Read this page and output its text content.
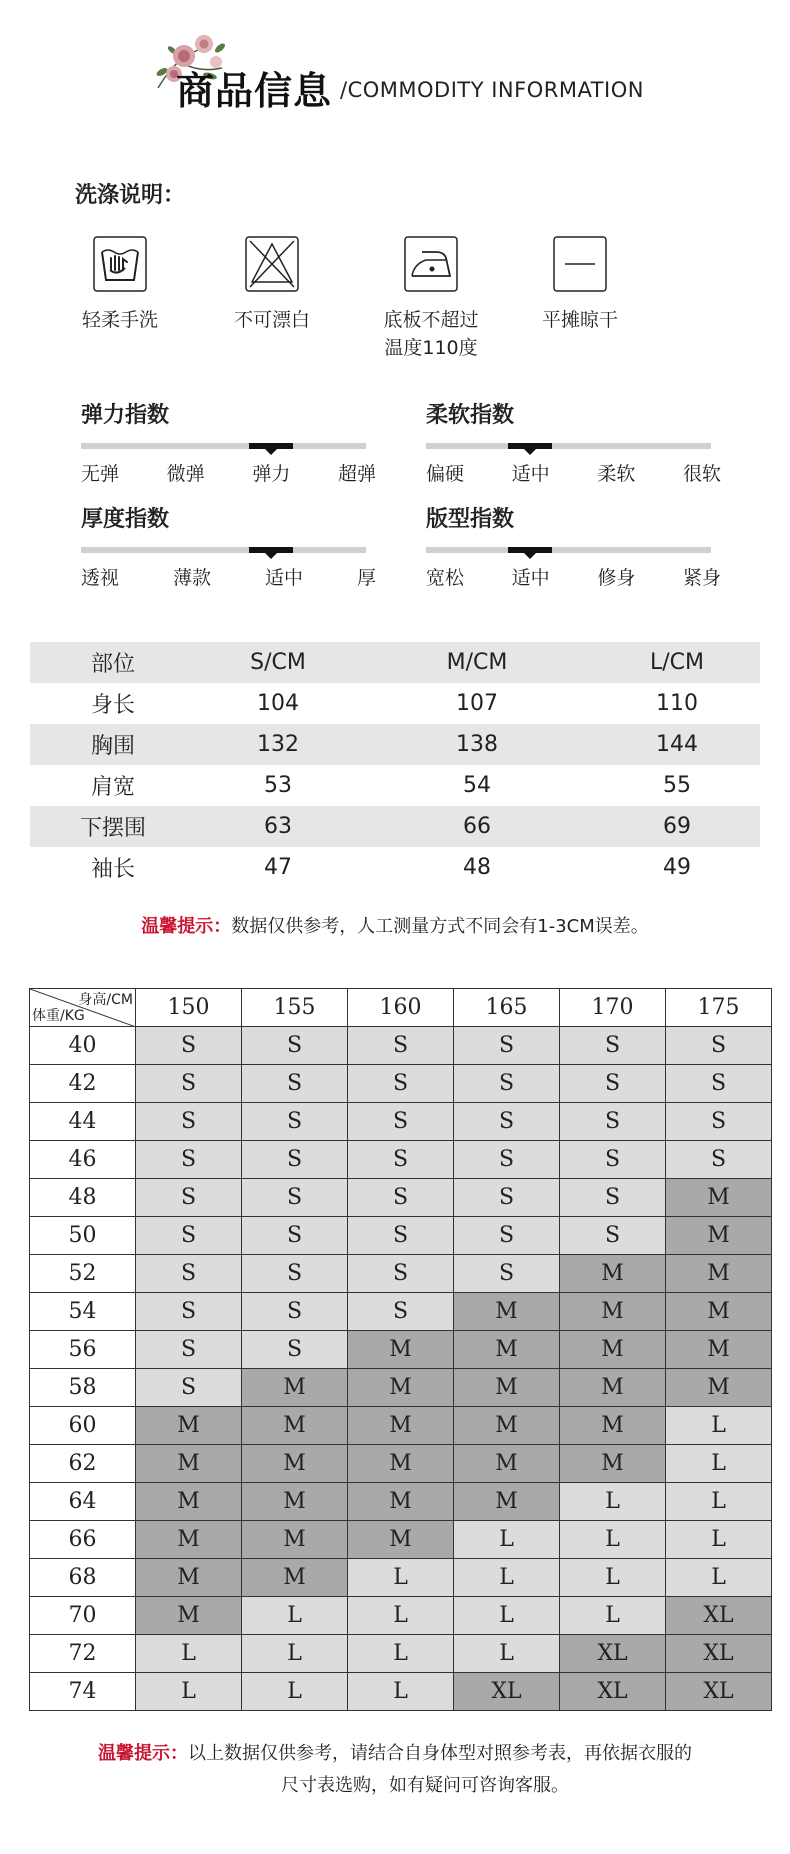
商品信息 /COMMODITY INFORMATION
洗涤说明：
轻柔手洗	不可漂白	底板不超过
温度110度
平摊晾干
弹力指数
无弹	微弹	弹力	超弹
柔软指数
偏硬	适中	柔软	很软
厚度指数
透视	薄款	适中	厚
版型指数
宽松	适中	修身	紧身
部位	S/CM	M/CM	L/CM
身长	104	107	110
胸围	132	138	144
肩宽	53	54	55
下摆围	63	66	69
袖长	47	48	49
温馨提示：数据仅供参考，人工测量方式不同会有1-3CM误差。
身高/CM
体重/KG	150	155	160	165	170	175
40	S	S	S	S	S	S
42	S	S	S	S	S	S
44	S	S	S	S	S	S
46	S	S	S	S	S	S
48	S	S	S	S	S	M
50	S	S	S	S	S	M
52	S	S	S	S	M	M
54	S	S	S	M	M	M
56	S	S	M	M	M	M
58	S	M	M	M	M	M
60	M	M	M	M	M	L
62	M	M	M	M	M	L
64	M	M	M	M	L	L
66	M	M	M	L	L	L
68	M	M	L	L	L	L
70	M	L	L	L	L	XL
72	L	L	L	L	XL	XL
74	L	L	L	XL	XL	XL
温馨提示：以上数据仅供参考，请结合自身体型对照参考表，再依据衣服的
尺寸表选购，如有疑问可咨询客服。
